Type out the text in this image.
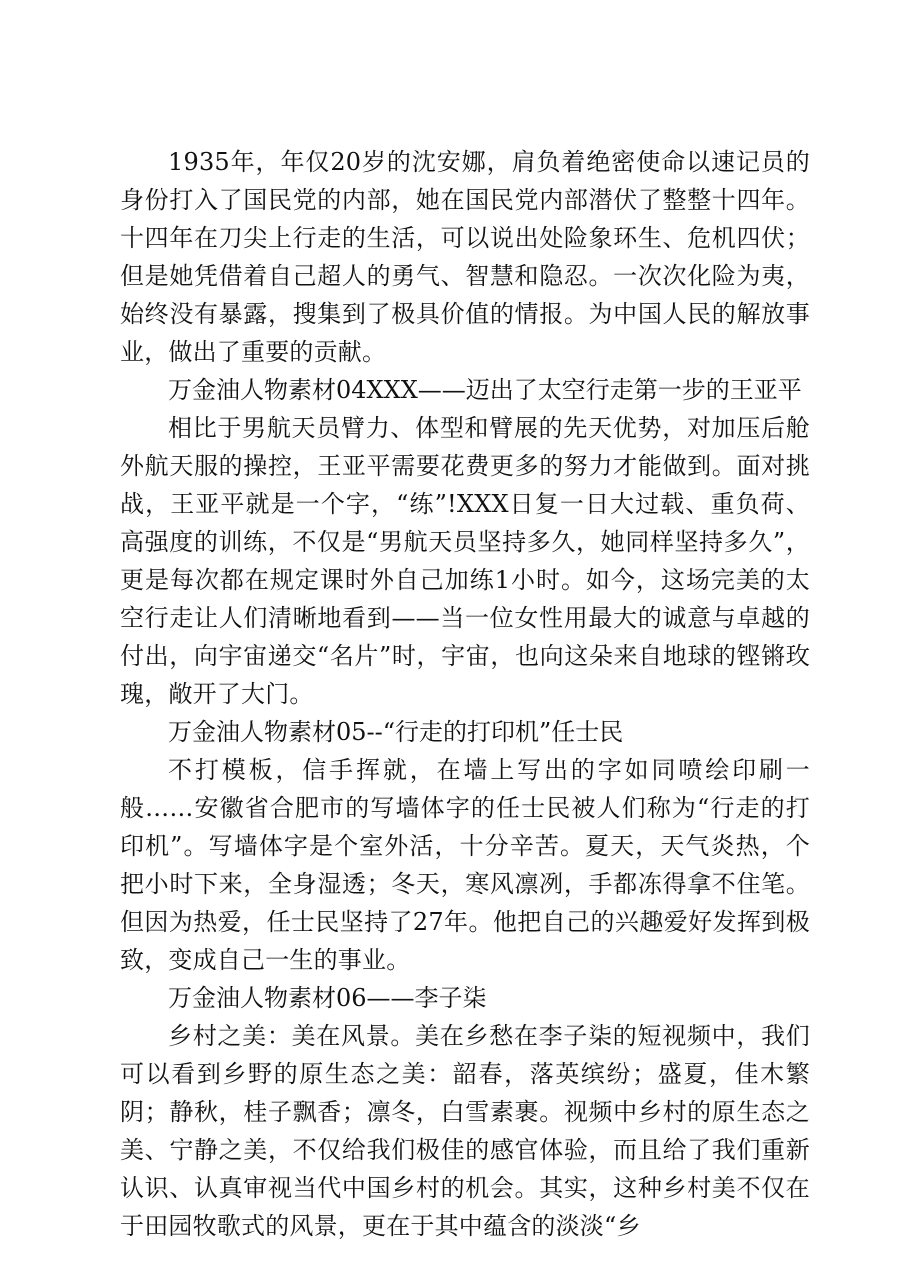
1935年，年仅20岁的沈安娜，肩负着绝密使命以速记员的身份打入了国民党的内部，她在国民党内部潜伏了整整十四年。十四年在刀尖上行走的生活，可以说出处险象环生、危机四伏；但是她凭借着自己超人的勇气、智慧和隐忍。一次次化险为夷，始终没有暴露，搜集到了极具价值的情报。为中国人民的解放事业，做出了重要的贡献。

万金油人物素材04XXX——迈出了太空行走第一步的王亚平

相比于男航天员臂力、体型和臂展的先天优势，对加压后舱外航天服的操控，王亚平需要花费更多的努力才能做到。面对挑战，王亚平就是一个字，“练”!XXX日复一日大过载、重负荷、高强度的训练，不仅是“男航天员坚持多久，她同样坚持多久”，更是每次都在规定课时外自己加练1小时。如今，这场完美的太空行走让人们清晰地看到——当一位女性用最大的诚意与卓越的付出，向宇宙递交“名片”时，宇宙，也向这朵来自地球的铿锵玫瑰，敞开了大门。

万金油人物素材05--“行走的打印机”任士民

不打模板，信手挥就，在墙上写出的字如同喷绘印刷一般……安徽省合肥市的写墙体字的任士民被人们称为“行走的打印机”。写墙体字是个室外活，十分辛苦。夏天，天气炎热，个把小时下来，全身湿透；冬天，寒风凛冽，手都冻得拿不住笔。但因为热爱，任士民坚持了27年。他把自己的兴趣爱好发挥到极致，变成自己一生的事业。

万金油人物素材06——李子柒

乡村之美：美在风景。美在乡愁在李子柒的短视频中，我们可以看到乡野的原生态之美：韶春，落英缤纷；盛夏，佳木繁阴；静秋，桂子飘香；凛冬，白雪素裹。视频中乡村的原生态之美、宁静之美，不仅给我们极佳的感官体验，而且给了我们重新认识、认真审视当代中国乡村的机会。其实，这种乡村美不仅在于田园牧歌式的风景，更在于其中蕴含的淡淡“乡
